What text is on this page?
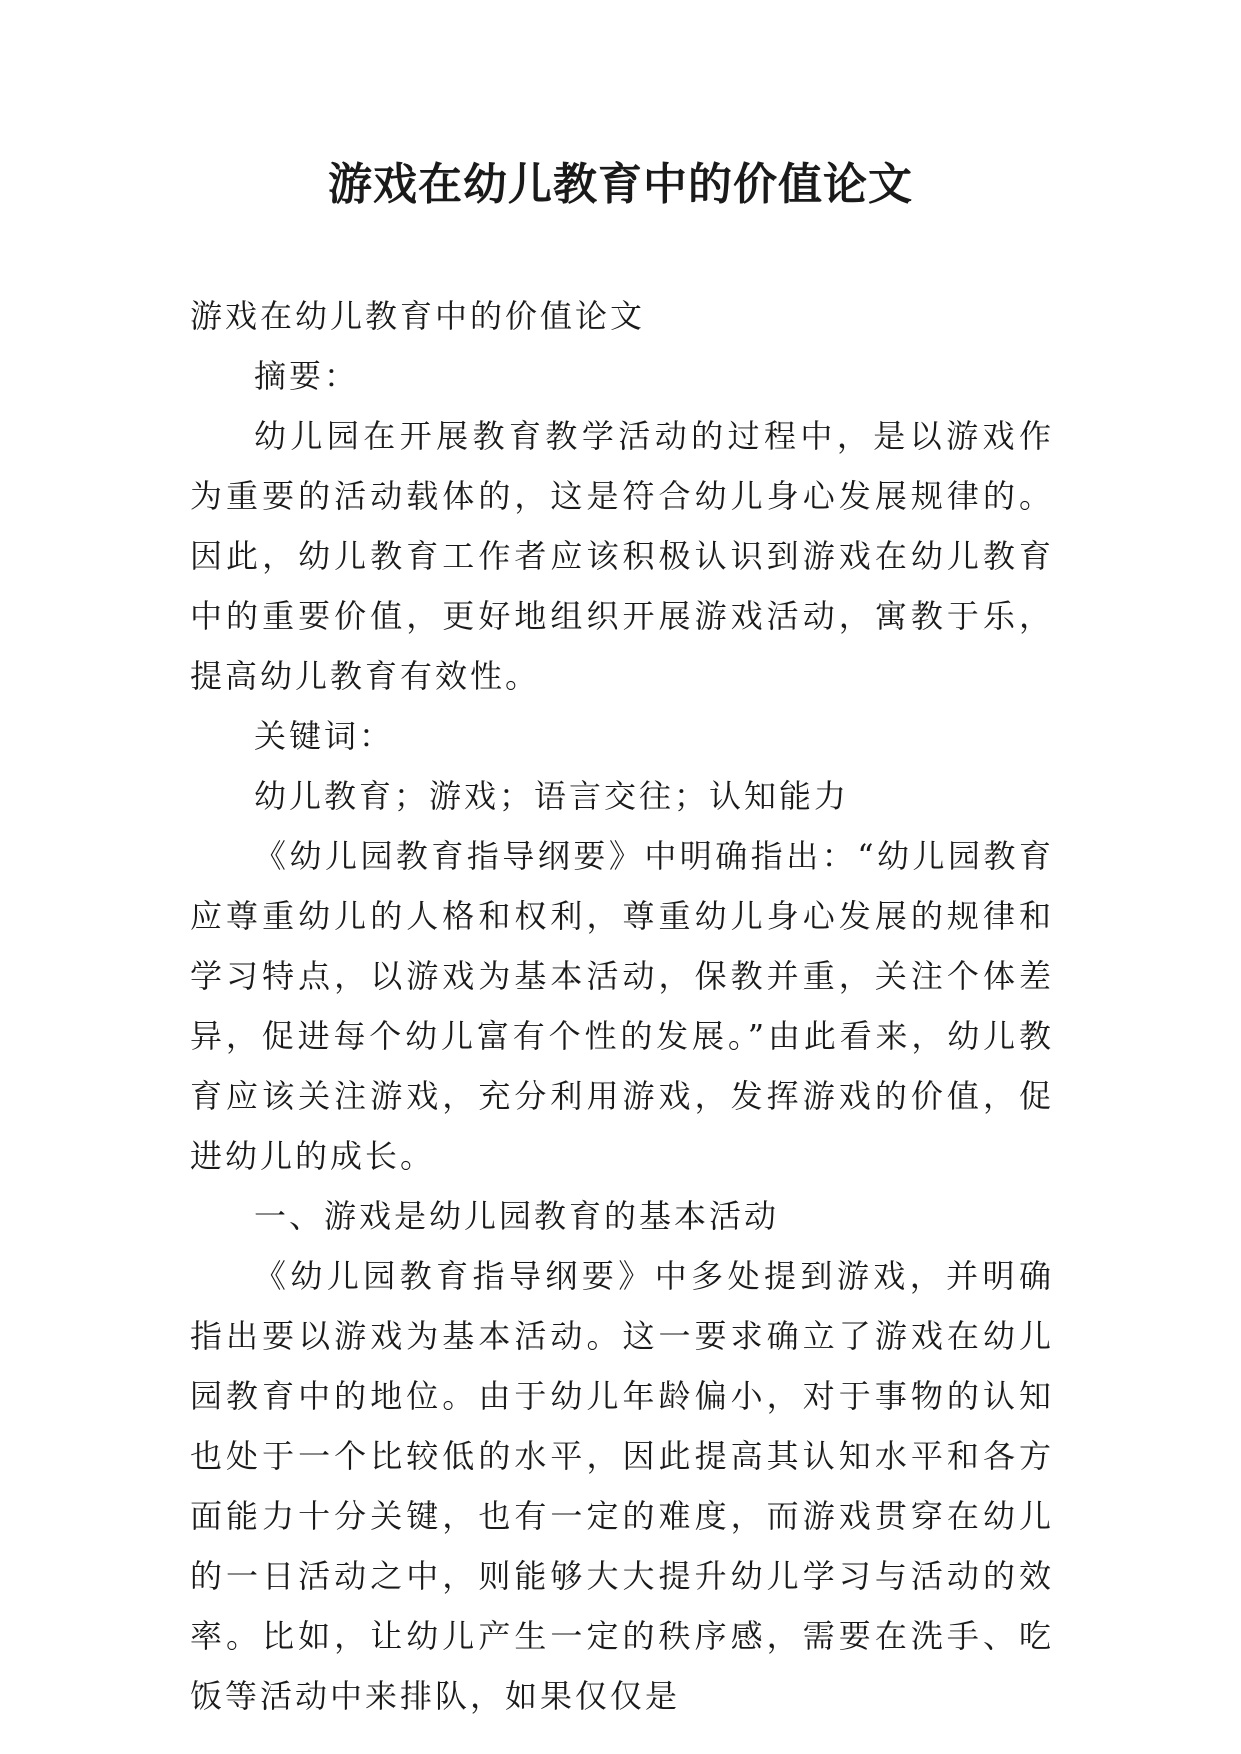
游戏在幼儿教育中的价值论文

游戏在幼儿教育中的价值论文

摘要：

幼儿园在开展教育教学活动的过程中，是以游戏作为重要的活动载体的，这是符合幼儿身心发展规律的。因此，幼儿教育工作者应该积极认识到游戏在幼儿教育中的重要价值，更好地组织开展游戏活动，寓教于乐，提高幼儿教育有效性。

关键词：

幼儿教育；游戏；语言交往；认知能力

《幼儿园教育指导纲要》中明确指出：“幼儿园教育应尊重幼儿的人格和权利，尊重幼儿身心发展的规律和学习特点，以游戏为基本活动，保教并重，关注个体差异，促进每个幼儿富有个性的发展。”由此看来，幼儿教育应该关注游戏，充分利用游戏，发挥游戏的价值，促进幼儿的成长。

一、游戏是幼儿园教育的基本活动

《幼儿园教育指导纲要》中多处提到游戏，并明确指出要以游戏为基本活动。这一要求确立了游戏在幼儿园教育中的地位。由于幼儿年龄偏小，对于事物的认知也处于一个比较低的水平，因此提高其认知水平和各方面能力十分关键，也有一定的难度，而游戏贯穿在幼儿的一日活动之中，则能够大大提升幼儿学习与活动的效率。比如，让幼儿产生一定的秩序感，需要在洗手、吃饭等活动中来排队，如果仅仅是
